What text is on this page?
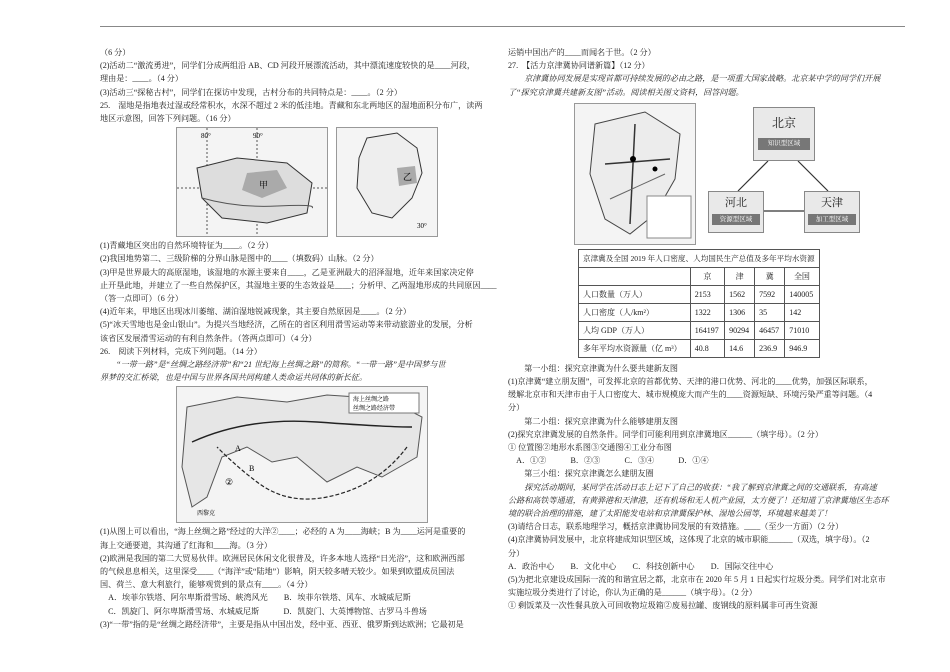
（6 分）

(2)活动二“激流勇进”，同学们分成两组沿 AB、CD 河段开展漂流活动，其中漂流速度较快的是____河段，

理由是：____。（4 分）

(3)活动三“探秘古村”，同学们在探访中发现，古村分布的共同特点是：____。（2 分）

25.　湿地是指地表过湿或经常积水，水深不超过 2 米的低洼地。青藏和东北两地区的湿地面积分布广，读两

地区示意图，回答下列问题。（16 分）

甲
80°	90°
乙
30°

(1)青藏地区突出的自然环境特征为____。（2 分）

(2)我国地势第二、三级阶梯的分界山脉是图中的____（填数码）山脉。（2 分）

(3)甲是世界最大的高原湿地，该湿地的水源主要来自____，乙是亚洲最大的沼泽湿地，近年来国家决定停

止开垦此地，并建立了一些自然保护区，其湿地主要的生态效益是____；分析甲、乙两湿地形成的共同原因____

（答一点即可）（6 分）

(4)近年来，甲地区出现冰川萎缩、湖泊湿地锐减现象，其主要自然原因是____。（2 分）

(5)“冰天雪地也是金山银山”。为提兴当地经济，乙所在的省区利用滑雪运动等来带动旅游业的发展，分析

该省区发展滑雪运动的有利自然条件。（答两点即可）（4 分）

26.　阅读下列材料，完成下列问题。（14 分）

　　“一带一路”是“丝绸之路经济带”和“21 世纪海上丝绸之路”的简称。“一带一路”是中国梦与世

界梦的交汇桥梁，也是中国与世界各国共同构建人类命运共同体的新长征。

海上丝绸之路
丝绸之路经济带
A
B
②
西黎克

(1)从图上可以看出，“海上丝绸之路”经过的大洋②____；必经的 A 为____海峡；B 为____运河是重要的

海上交通要道，其沟通了红海和____海。（3 分）

(2)欧洲是我国的第二大贸易伙伴。欧洲居民休闲文化很普及，许多本地人选择“日光浴”，这和欧洲西部

的气候息息相关，这里深受____（“海洋”或“陆地”）影响，阴天较多晴天较少。如果到欧盟成员国法

国、荷兰、意大利旅行，能够观赏到的景点有____。（4 分）

　A．埃菲尔铁塔、阿尔卑斯滑雪场、峡湾风光　　B．埃菲尔铁塔、风车、水城威尼斯

　C．凯旋门、阿尔卑斯滑雪场、水城威尼斯　　　D．凯旋门、大英博物馆、古罗马斗兽场

(3)“一带”指的是“丝绸之路经济带”，主要是指从中国出发，经中亚、西亚、俄罗斯到达欧洲；它最初是

运销中国出产的____而闻名于世。（2 分）

27.　【活力京津冀协同谱新篇】（12 分）

　　京津冀协同发展是实现首都可持续发展的必由之路，是一项重大国家战略。北京某中学的同学们开展

了“探究京津冀共建新友图”活动。阅读相关图文资料，回答问题。

北京
知识型区域
河北
资源型区域
天津
加工型区域
京津冀及全国 2019 年人口密度、人均国民生产总值及多年平均水资源				
	京	津	冀	全国
人口数量（万人）	2153	1562	7592	140005
人口密度（人/km²）	1322	1306	35	142
人均 GDP（万人）	164197	90294	46457	71010
多年平均水资源量（亿 m³）	40.8	14.6	236.9	946.9

　　第一小组：探究京津冀为什么要共建新友图

(1)京津冀“建立朋友圈”，可发挥北京的首都优势、天津的港口优势、河北的____优势，加强区际联系，

缓解北京市和天津市由于人口密度大、城市规模庞大而产生的____资源短缺、环境污染严重等问题。（4

分）

　　第二小组：探究京津冀为什么能够建朋友图

(2)探究京津冀发展的自然条件。同学们可能利用到京津冀地区______（填字母）。（2 分）

① 位置图②地形水系图③交通图④工业分布图

　A．①②　　　B．②③　　　C．③④　　　D．①④

　　第三小组：探究京津冀怎么建朋友圈

　　探究活动期间，某同学在活动日志上记下了自己的收获：“我了解到京津冀之间的交通联系，有高速

公路和高铁等通道，有黄骅港和天津港，还有机场和无人机产业园，太方便了！还知道了京津冀地区生态环

境的联合治理的措施，建了太阳能发电站和京津冀保护林、湿地公园等，环境越来越美了！

(3)请结合日志，联系地理学习，概括京津冀协同发展的有效措施。____（至少一方面）（2 分）

(4)京津冀协同发展中，北京将建成知识型区域，这体现了北京的城市职能______（双选，填字母）。（2

分）

A．政治中心　　B．文化中心　　C．科技创新中心　　D．国际交往中心

(5)为把北京建设成国际一流的和谐宜居之都，北京市在 2020 年 5 月 1 日起实行垃圾分类。同学们对北京市

实施垃圾分类进行了讨论，你认为正确的是______（填字母）。（2 分）

① 剩饭菜及一次性餐具放入可回收物垃圾箱②废易拉罐、废钢线的原料属非可再生资源
